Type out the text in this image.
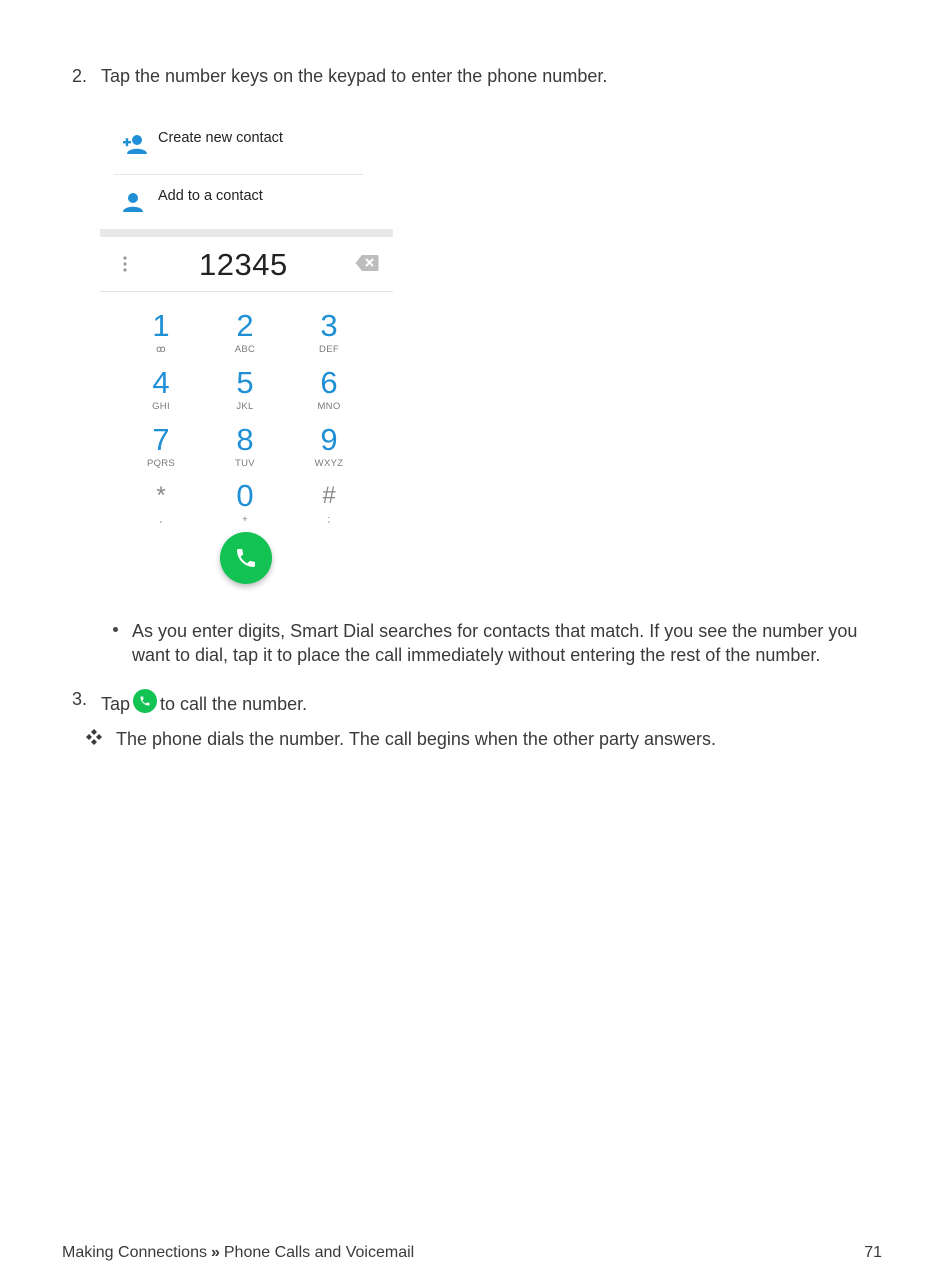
2. Tap the number keys on the keypad to enter the phone number.
Create new contact
Add to a contact
12345
1
ꝏ
2
ABC
3
DEF
4
GHI
5
JKL
6
MNO
7
PQRS
8
TUV
9
WXYZ
*
,
0
+
#
;
As you enter digits, Smart Dial searches for contacts that match. If you see the number you want to dial, tap it to place the call immediately without entering the rest of the number.
3. Tap to call the number.
The phone dials the number. The call begins when the other party answers.
Making Connections » Phone Calls and Voicemail	71
